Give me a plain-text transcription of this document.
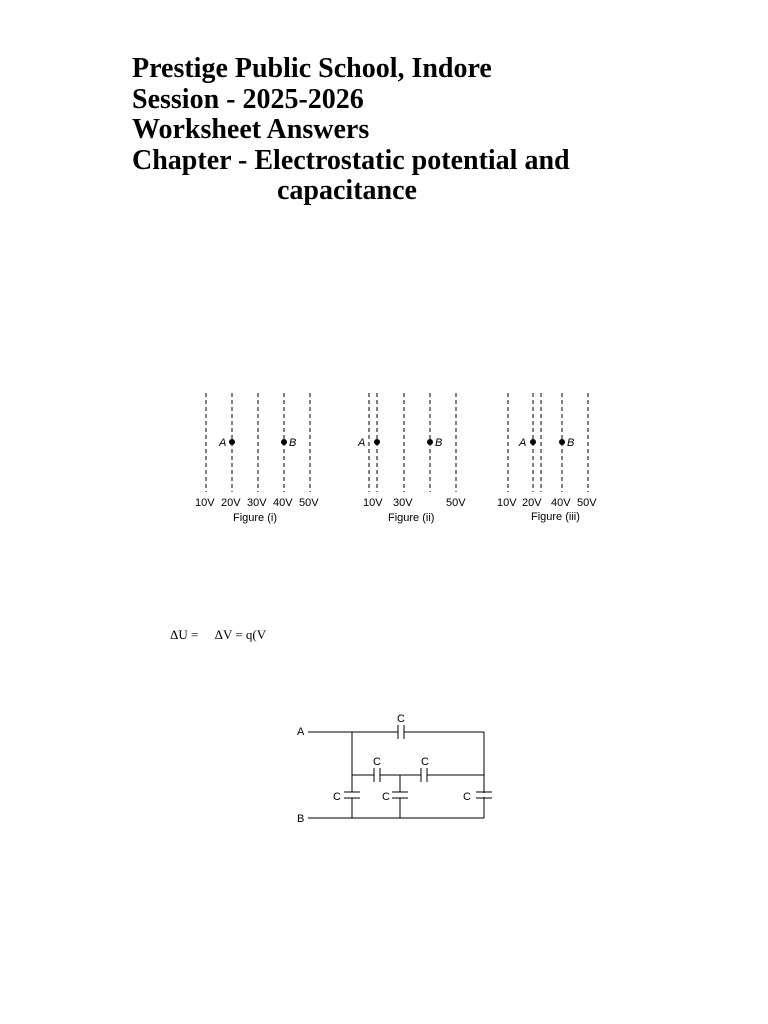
Prestige Public School, Indore
Session - 2025-2026
Worksheet Answers
Chapter - Electrostatic potential and
capacitance
A	B
10V 20V 30V 40V 50V
Figure (i)
A	B
10V 30V	50V
Figure (ii)
A	B
10V 20V 40V 50V
Figure (iii)
A
B
C
C	C
C	C	C
ΔU =     ΔV = q(V
